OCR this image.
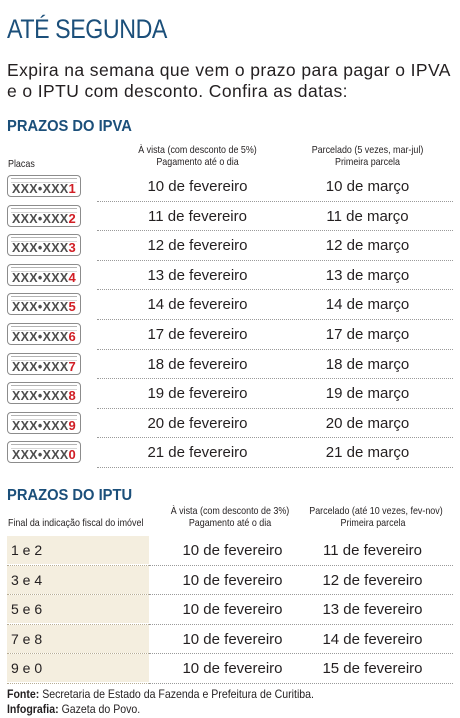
ATÉ SEGUNDA
Expira na semana que vem o prazo para pagar o IPVA e o IPTU com desconto. Confira as datas:
PRAZOS DO IPVA
Placas
À vista (com desconto de 5%)
Pagamento até o dia
Parcelado (5 vezes, mar-jul)
Primeira parcela
XXX•XXX1	10 de fevereiro	10 de março
XXX•XXX2	11 de fevereiro	11 de março
XXX•XXX3	12 de fevereiro	12 de março
XXX•XXX4	13 de fevereiro	13 de março
XXX•XXX5	14 de fevereiro	14 de março
XXX•XXX6	17 de fevereiro	17 de março
XXX•XXX7	18 de fevereiro	18 de março
XXX•XXX8	19 de fevereiro	19 de março
XXX•XXX9	20 de fevereiro	20 de março
XXX•XXX0	21 de fevereiro	21 de março
PRAZOS DO IPTU
Final da indicação fiscal do imóvel
À vista (com desconto de 3%)
Pagamento até o dia
Parcelado (até 10 vezes, fev-nov)
Primeira parcela
1 e 2	10 de fevereiro	11 de fevereiro
3 e 4	10 de fevereiro	12 de fevereiro
5 e 6	10 de fevereiro	13 de fevereiro
7 e 8	10 de fevereiro	14 de fevereiro
9 e 0	10 de fevereiro	15 de fevereiro
Fonte: Secretaria de Estado da Fazenda e Prefeitura de Curitiba.
Infografia: Gazeta do Povo.
